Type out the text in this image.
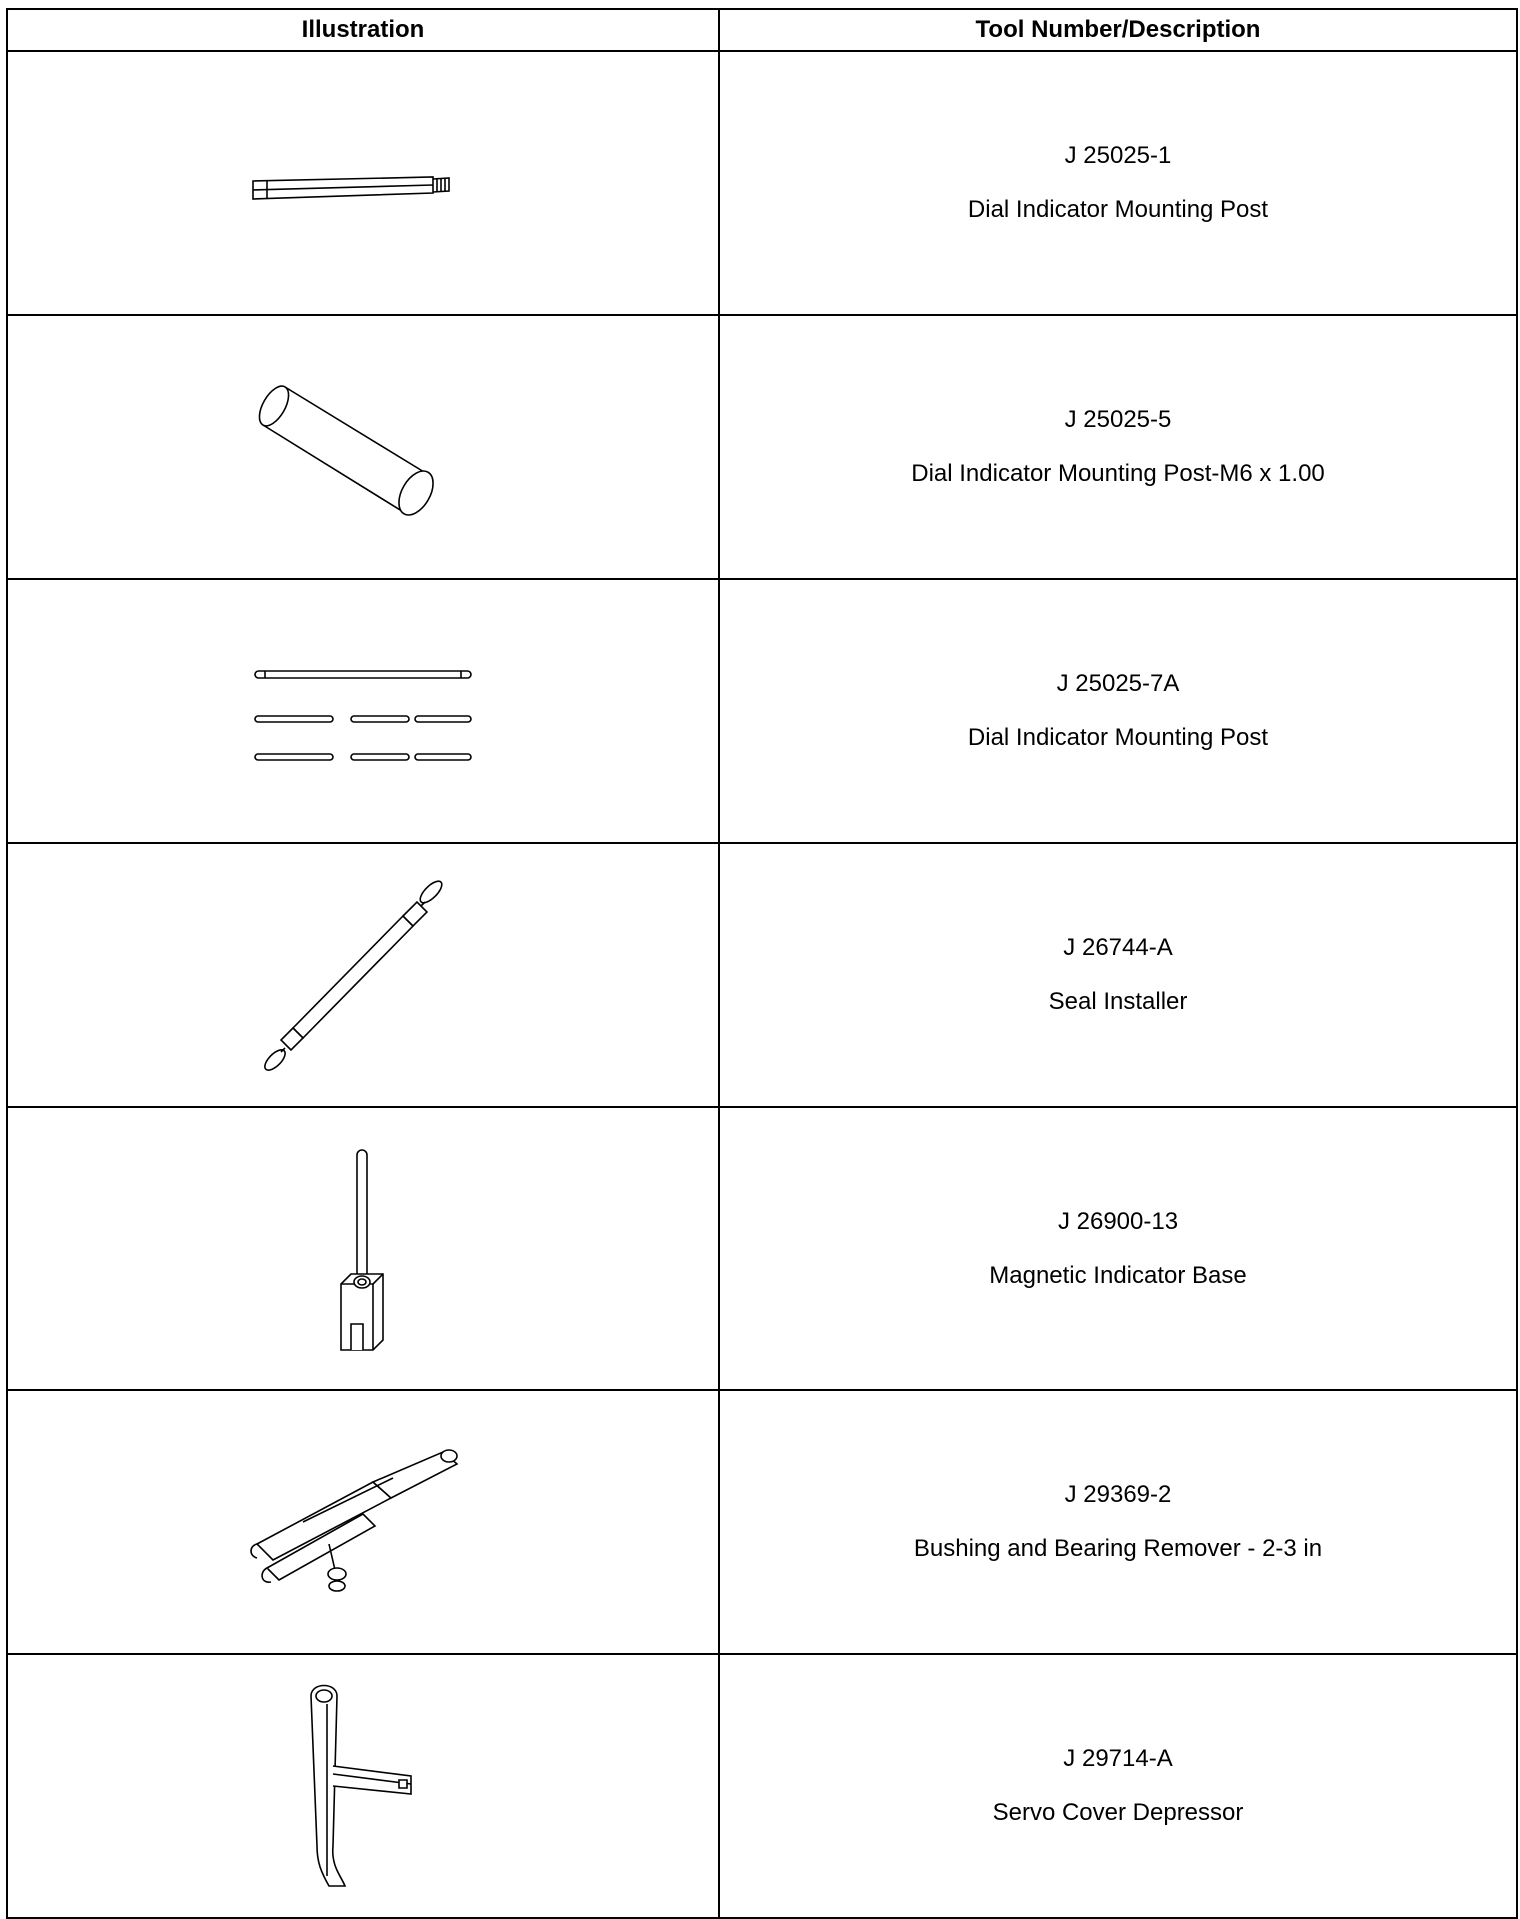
Illustration	Tool Number/Description

J 25025-1
Dial Indicator Mounting Post

J 25025-5
Dial Indicator Mounting Post-M6 x 1.00

J 25025-7A
Dial Indicator Mounting Post

J 26744-A
Seal Installer

J 26900-13
Magnetic Indicator Base

J 29369-2
Bushing and Bearing Remover - 2-3 in

J 29714-A
Servo Cover Depressor
